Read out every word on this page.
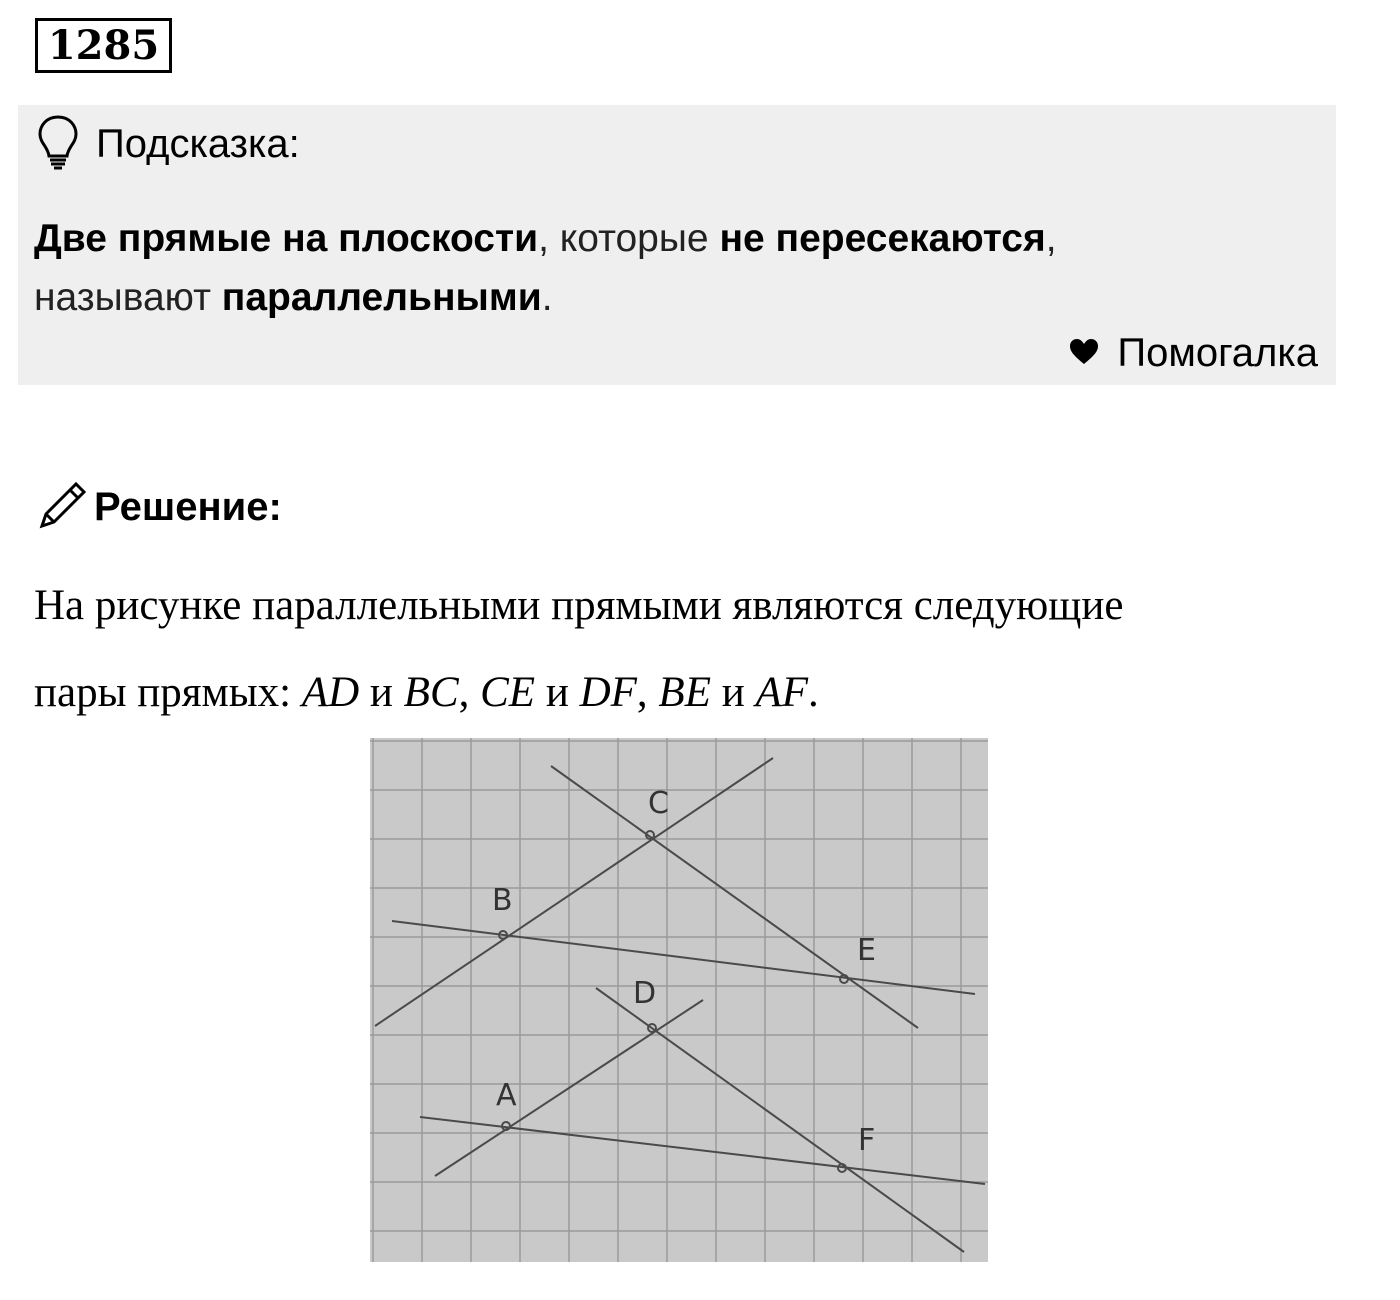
1285
Подсказка:
Две прямые на плоскости, которые не пересекаются,
называют параллельными.
Помогалка
Решение:
На рисунке параллельными прямыми являются следующие
пары прямых: AD и BC, CE и DF, BE и AF.
C
B
E
D
A
F
